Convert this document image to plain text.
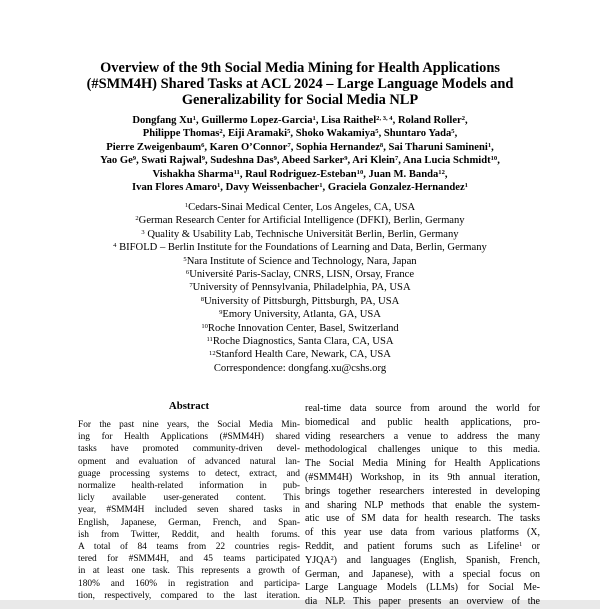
Overview of the 9th Social Media Mining for Health Applications
(#SMM4H) Shared Tasks at ACL 2024 – Large Language Models and
Generalizability for Social Media NLP
Dongfang Xu$^1$, Guillermo Lopez-Garcia$^1$, Lisa Raithel$^{2, 3, 4}$, Roland Roller$^2$,
Philippe Thomas$^2$, Eiji Aramaki$^5$, Shoko Wakamiya$^5$, Shuntaro Yada$^5$,
Pierre Zweigenbaum$^6$, Karen O’Connor$^7$, Sophia Hernandez$^8$, Sai Tharuni Samineni$^1$,
Yao Ge$^9$, Swati Rajwal$^9$, Sudeshna Das$^9$, Abeed Sarker$^9$, Ari Klein$^7$, Ana Lucia Schmidt$^{10}$,
Vishakha Sharma$^{11}$, Raul Rodriguez-Esteban$^{10}$, Juan M. Banda$^{12}$,
Ivan Flores Amaro$^1$, Davy Weissenbacher$^1$, Graciela Gonzalez-Hernandez$^1$
$^1$Cedars-Sinai Medical Center, Los Angeles, CA, USA
$^2$German Research Center for Artificial Intelligence (DFKI), Berlin, Germany
$^3$ Quality & Usability Lab, Technische Universität Berlin, Berlin, Germany
$^4$ BIFOLD – Berlin Institute for the Foundations of Learning and Data, Berlin, Germany
$^5$Nara Institute of Science and Technology, Nara, Japan
$^6$Université Paris-Saclay, CNRS, LISN, Orsay, France
$^7$University of Pennsylvania, Philadelphia, PA, USA
$^8$University of Pittsburgh, Pittsburgh, PA, USA
$^9$Emory University, Atlanta, GA, USA
$^{10}$Roche Innovation Center, Basel, Switzerland
$^{11}$Roche Diagnostics, Santa Clara, CA, USA
$^{12}$Stanford Health Care, Newark, CA, USA
Correspondence: dongfang.xu@cshs.org
Abstract
For the past nine years, the Social Media Min-
ing for Health Applications (#SMM4H) shared
tasks have promoted community-driven devel-
opment and evaluation of advanced natural lan-
guage processing systems to detect, extract, and
normalize health-related information in pub-
licly available user-generated content. This
year, #SMM4H included seven shared tasks in
English, Japanese, German, French, and Span-
ish from Twitter, Reddit, and health forums.
A total of 84 teams from 22 countries regis-
tered for #SMM4H, and 45 teams participated
in at least one task. This represents a growth of
180% and 160% in registration and participa-
tion, respectively, compared to the last iteration.
real-time data source from around the world for
biomedical and public health applications, pro-
viding researchers a venue to address the many
methodological challenges unique to this media.
The Social Media Mining for Health Applications
(#SMM4H) Workshop, in its 9th annual iteration,
brings together researchers interested in developing
and sharing NLP methods that enable the system-
atic use of SM data for health research. The tasks
of this year use data from various platforms (X,
Reddit, and patient forums such as Lifeline$^1$ or
YJQA$^2$) and languages (English, Spanish, French,
German, and Japanese), with a special focus on
Large Language Models (LLMs) for Social Me-
dia NLP. This paper presents an overview of the
